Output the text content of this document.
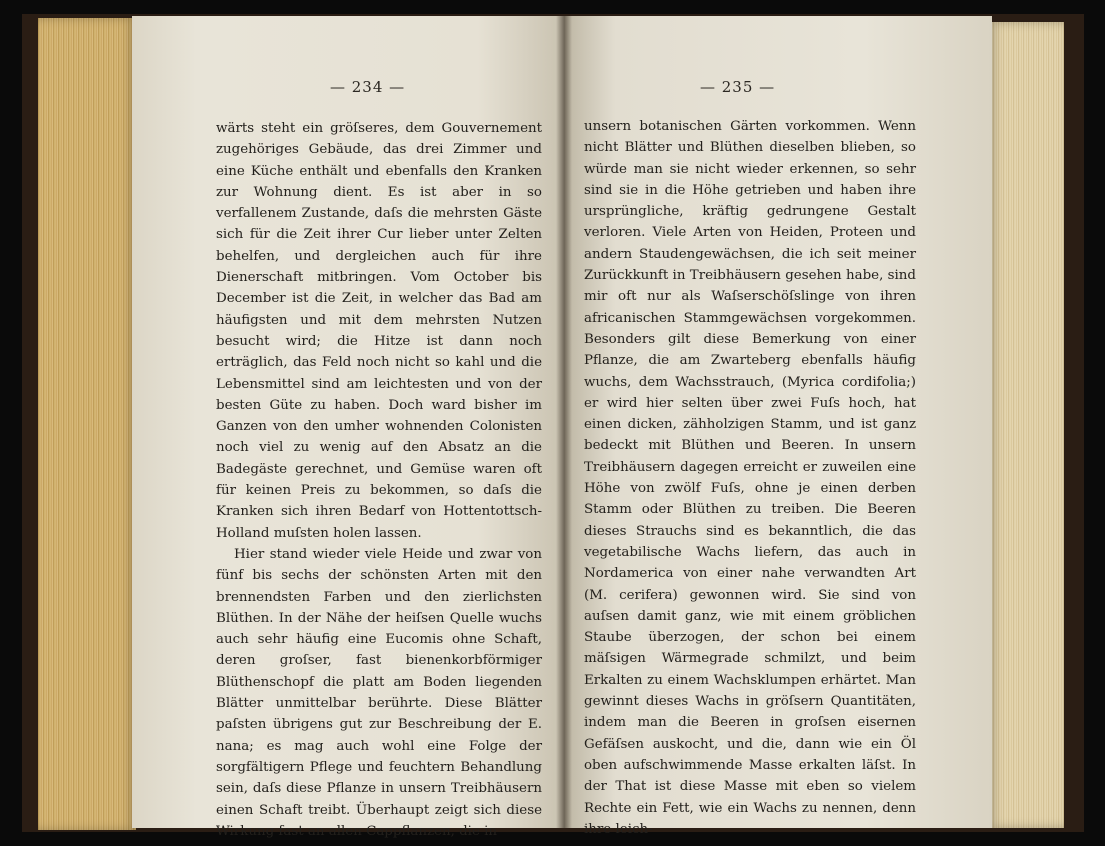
— 234 —	— 235 —

wärts steht ein gröſseres, dem Gouvernement zugehöriges Gebäude, das drei Zimmer und eine Küche enthält und ebenfalls den Kranken zur Wohnung dient. Es ist aber in so verfallenem Zustande, daſs die mehrsten Gäste sich für die Zeit ihrer Cur lieber unter Zelten behelfen, und dergleichen auch für ihre Dienerschaft mitbringen. Vom October bis December ist die Zeit, in welcher das Bad am häufigsten und mit dem mehrsten Nutzen besucht wird; die Hitze ist dann noch erträglich, das Feld noch nicht so kahl und die Lebensmittel sind am leichtesten und von der besten Güte zu haben. Doch ward bisher im Ganzen von den umher wohnenden Colonisten noch viel zu wenig auf den Absatz an die Badegäste gerechnet, und Gemüse waren oft für keinen Preis zu bekommen, so daſs die Kranken sich ihren Bedarf von Hottentottsch-Holland muſsten holen lassen.

Hier stand wieder viele Heide und zwar von fünf bis sechs der schönsten Arten mit den brennendsten Farben und den zierlichsten Blüthen. In der Nähe der heiſsen Quelle wuchs auch sehr häufig eine Eucomis ohne Schaft, deren groſser, fast bienenkorbförmiger Blüthenschopf die platt am Boden liegenden Blätter unmittelbar berührte. Diese Blätter paſsten übrigens gut zur Beschreibung der E. nana; es mag auch wohl eine Folge der sorgfältigern Pflege und feuchtern Behandlung sein, daſs diese Pflanze in unsern Treibhäusern einen Schaft treibt. Überhaupt zeigt sich diese Wirkung fast an allen Cappflanzen, die in

unsern botanischen Gärten vorkommen. Wenn nicht Blätter und Blüthen dieselben blieben, so würde man sie nicht wieder erkennen, so sehr sind sie in die Höhe getrieben und haben ihre ursprüngliche, kräftig gedrungene Gestalt verloren. Viele Arten von Heiden, Proteen und andern Staudengewächsen, die ich seit meiner Zurückkunft in Treibhäusern gesehen habe, sind mir oft nur als Waſserschöſslinge von ihren africanischen Stammgewächsen vorgekommen. Besonders gilt diese Bemerkung von einer Pflanze, die am Zwarteberg ebenfalls häufig wuchs, dem Wachsstrauch, (Myrica cordifolia;) er wird hier selten über zwei Fuſs hoch, hat einen dicken, zähholzigen Stamm, und ist ganz bedeckt mit Blüthen und Beeren. In unsern Treibhäusern dagegen erreicht er zuweilen eine Höhe von zwölf Fuſs, ohne je einen derben Stamm oder Blüthen zu treiben. Die Beeren dieses Strauchs sind es bekanntlich, die das vegetabilische Wachs liefern, das auch in Nordamerica von einer nahe verwandten Art (M. cerifera) gewonnen wird. Sie sind von auſsen damit ganz, wie mit einem gröblichen Staube überzogen, der schon bei einem mäſsigen Wärmegrade schmilzt, und beim Erkalten zu einem Wachsklumpen erhärtet. Man gewinnt dieses Wachs in gröſsern Quantitäten, indem man die Beeren in groſsen eisernen Gefäſsen auskocht, und die, dann wie ein Öl oben aufschwimmende Masse erkalten läſst. In der That ist diese Masse mit eben so vielem Rechte ein Fett, wie ein Wachs zu nennen, denn ihre leich-
